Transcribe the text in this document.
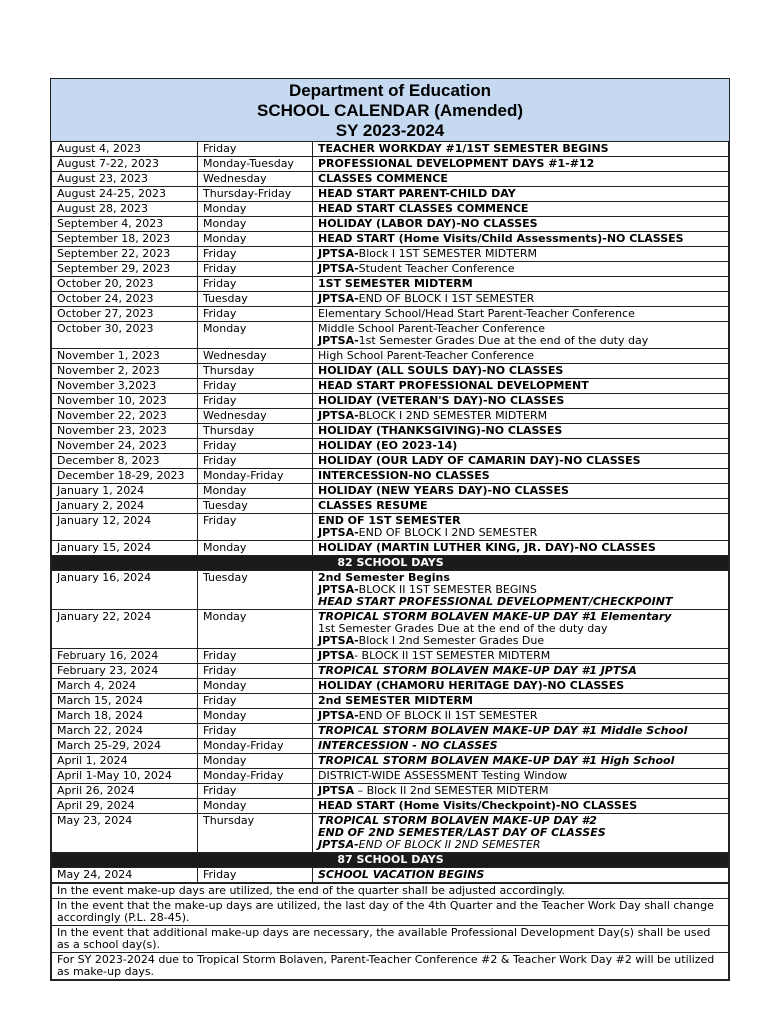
Department of Education
SCHOOL CALENDAR (Amended)
SY 2023-2024
August 4, 2023	Friday	TEACHER WORKDAY #1/1ST SEMESTER BEGINS

August 7-22, 2023	Monday-Tuesday	PROFESSIONAL DEVELOPMENT DAYS #1-#12

August 23, 2023	Wednesday	CLASSES COMMENCE

August 24-25, 2023	Thursday-Friday	HEAD START PARENT-CHILD DAY

August 28, 2023	Monday	HEAD START CLASSES COMMENCE

September 4, 2023	Monday	HOLIDAY (LABOR DAY)-NO CLASSES

September 18, 2023	Monday	HEAD START (Home Visits/Child Assessments)-NO CLASSES

September 22, 2023	Friday	JPTSA-Block I 1ST SEMESTER MIDTERM

September 29, 2023	Friday	JPTSA-Student Teacher Conference

October 20, 2023	Friday	1ST SEMESTER MIDTERM

October 24, 2023	Tuesday	JPTSA-END OF BLOCK I 1ST SEMESTER

October 27, 2023	Friday	Elementary School/Head Start Parent-Teacher Conference

October 30, 2023	Monday	Middle School Parent-Teacher Conference
JPTSA-1st Semester Grades Due at the end of the duty day

November 1, 2023	Wednesday	High School Parent-Teacher Conference

November 2, 2023	Thursday	HOLIDAY (ALL SOULS DAY)-NO CLASSES

November 3,2023	Friday	HEAD START PROFESSIONAL DEVELOPMENT

November 10, 2023	Friday	HOLIDAY (VETERAN'S DAY)-NO CLASSES

November 22, 2023	Wednesday	JPTSA-BLOCK I 2ND SEMESTER MIDTERM

November 23, 2023	Thursday	HOLIDAY (THANKSGIVING)-NO CLASSES

November 24, 2023	Friday	HOLIDAY (EO 2023-14)

December 8, 2023	Friday	HOLIDAY (OUR LADY OF CAMARIN DAY)-NO CLASSES

December 18-29, 2023	Monday-Friday	INTERCESSION-NO CLASSES

January 1, 2024	Monday	HOLIDAY (NEW YEARS DAY)-NO CLASSES

January 2, 2024	Tuesday	CLASSES RESUME

January 12, 2024	Friday	END OF 1ST SEMESTER
JPTSA-END OF BLOCK I 2ND SEMESTER

January 15, 2024	Monday	HOLIDAY (MARTIN LUTHER KING, JR. DAY)-NO CLASSES

82 SCHOOL DAYS		
January 16, 2024	Tuesday	2nd Semester Begins
JPTSA-BLOCK II 1ST SEMESTER BEGINS
HEAD START PROFESSIONAL DEVELOPMENT/CHECKPOINT

January 22, 2024	Monday	TROPICAL STORM BOLAVEN MAKE-UP DAY #1 Elementary
1st Semester Grades Due at the end of the duty day
JPTSA-Block I 2nd Semester Grades Due

February 16, 2024	Friday	JPTSA- BLOCK II 1ST SEMESTER MIDTERM

February 23, 2024	Friday	TROPICAL STORM BOLAVEN MAKE-UP DAY #1 JPTSA

March 4, 2024	Monday	HOLIDAY (CHAMORU HERITAGE DAY)-NO CLASSES

March 15, 2024	Friday	2nd SEMESTER MIDTERM

March 18, 2024	Monday	JPTSA-END OF BLOCK II 1ST SEMESTER

March 22, 2024	Friday	TROPICAL STORM BOLAVEN MAKE-UP DAY #1 Middle School

March 25-29, 2024	Monday-Friday	INTERCESSION - NO CLASSES

April 1, 2024	Monday	TROPICAL STORM BOLAVEN MAKE-UP DAY #1 High School

April 1-May 10, 2024	Monday-Friday	DISTRICT-WIDE ASSESSMENT Testing Window

April 26, 2024	Friday	JPTSA – Block II 2nd SEMESTER MIDTERM

April 29, 2024	Monday	HEAD START (Home Visits/Checkpoint)-NO CLASSES

May 23, 2024	Thursday	TROPICAL STORM BOLAVEN MAKE-UP DAY #2
END OF 2ND SEMESTER/LAST DAY OF CLASSES
JPTSA-END OF BLOCK II 2ND SEMESTER

87 SCHOOL DAYS		
May 24, 2024	Friday	SCHOOL VACATION BEGINS
In the event make-up days are utilized, the end of the quarter shall be adjusted accordingly.
In the event that the make-up days are utilized, the last day of the 4th Quarter and the Teacher Work Day shall change accordingly (P.L. 28-45).
In the event that additional make-up days are necessary, the available Professional Development Day(s) shall be used as a school day(s).
For SY 2023-2024 due to Tropical Storm Bolaven, Parent-Teacher Conference #2 & Teacher Work Day #2 will be utilized as make-up days.
